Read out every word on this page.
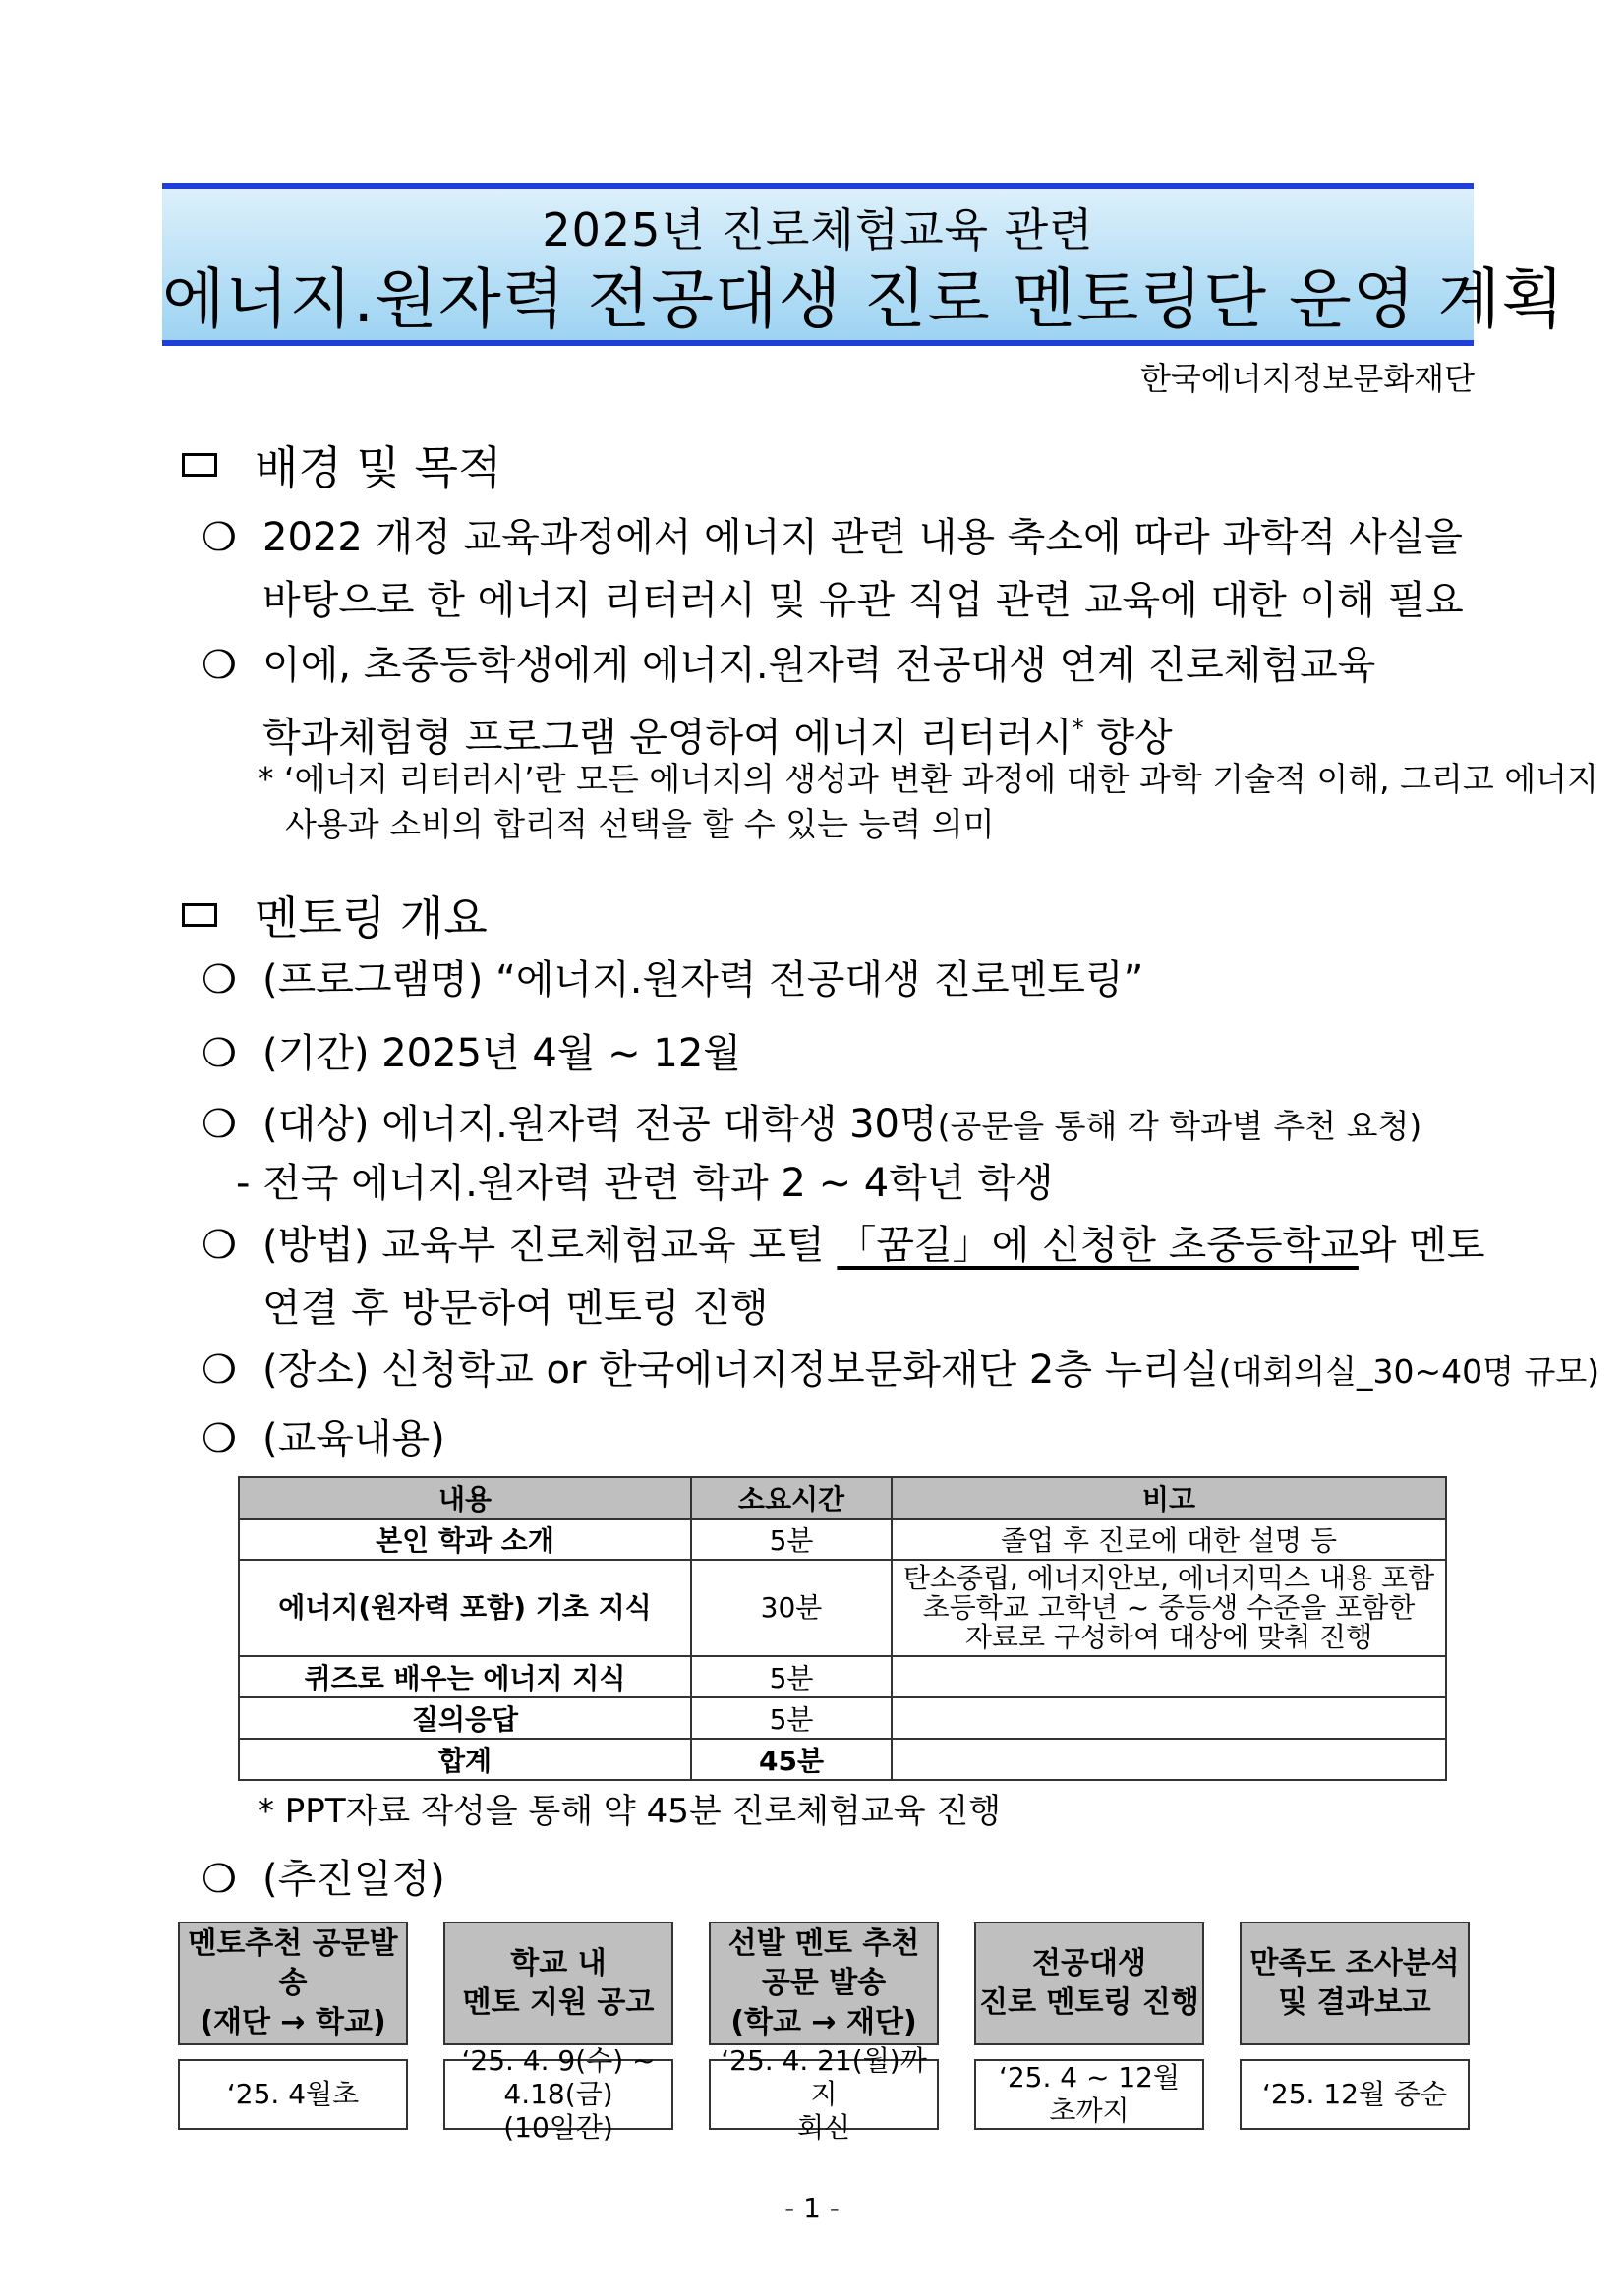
2025년 진로체험교육 관련
에너지.원자력 전공대생 진로 멘토링단 운영 계획
한국에너지정보문화재단
배경 및 목적
❍ 2022 개정 교육과정에서 에너지 관련 내용 축소에 따라 과학적 사실을
바탕으로 한 에너지 리터러시 및 유관 직업 관련 교육에 대한 이해 필요
❍ 이에, 초중등학생에게 에너지.원자력 전공대생 연계 진로체험교육
학과체험형 프로그램 운영하여 에너지 리터러시* 향상
* ‘에너지 리터러시’란 모든 에너지의 생성과 변환 과정에 대한 과학 기술적 이해, 그리고 에너지
사용과 소비의 합리적 선택을 할 수 있는 능력 의미
멘토링 개요
❍ (프로그램명) “에너지.원자력 전공대생 진로멘토링”
❍ (기간) 2025년 4월 ~ 12월
❍ (대상) 에너지.원자력 전공 대학생 30명(공문을 통해 각 학과별 추천 요청)
- 전국 에너지.원자력 관련 학과 2 ~ 4학년 학생
❍ (방법) 교육부 진로체험교육 포털 「꿈길」에 신청한 초중등학교와 멘토
연결 후 방문하여 멘토링 진행
❍ (장소) 신청학교 or 한국에너지정보문화재단 2층 누리실(대회의실_30~40명 규모)
❍ (교육내용)
내용	소요시간	비고
본인 학과 소개	5분	졸업 후 진로에 대한 설명 등
에너지(원자력 포함) 기초 지식	30분	탄소중립, 에너지안보, 에너지믹스 내용 포함
초등학교 고학년 ~ 중등생 수준을 포함한
자료로 구성하여 대상에 맞춰 진행

퀴즈로 배우는 에너지 지식	5분	
질의응답	5분	
합계	45분	
* PPT자료 작성을 통해 약 45분 진로체험교육 진행
❍ (추진일정)
멘토추천 공문발송
(재단 → 학교)
학교 내
멘토 지원 공고
선발 멘토 추천
공문 발송
(학교 → 재단)
전공대생
진로 멘토링 진행
만족도 조사분석
및 결과보고
‘25. 4월초
‘25. 4. 9(수) ~ 4.18(금)
(10일간)
‘25. 4. 21(월)까지
회신
‘25. 4 ~ 12월
초까지
‘25. 12월 중순
- 1 -
